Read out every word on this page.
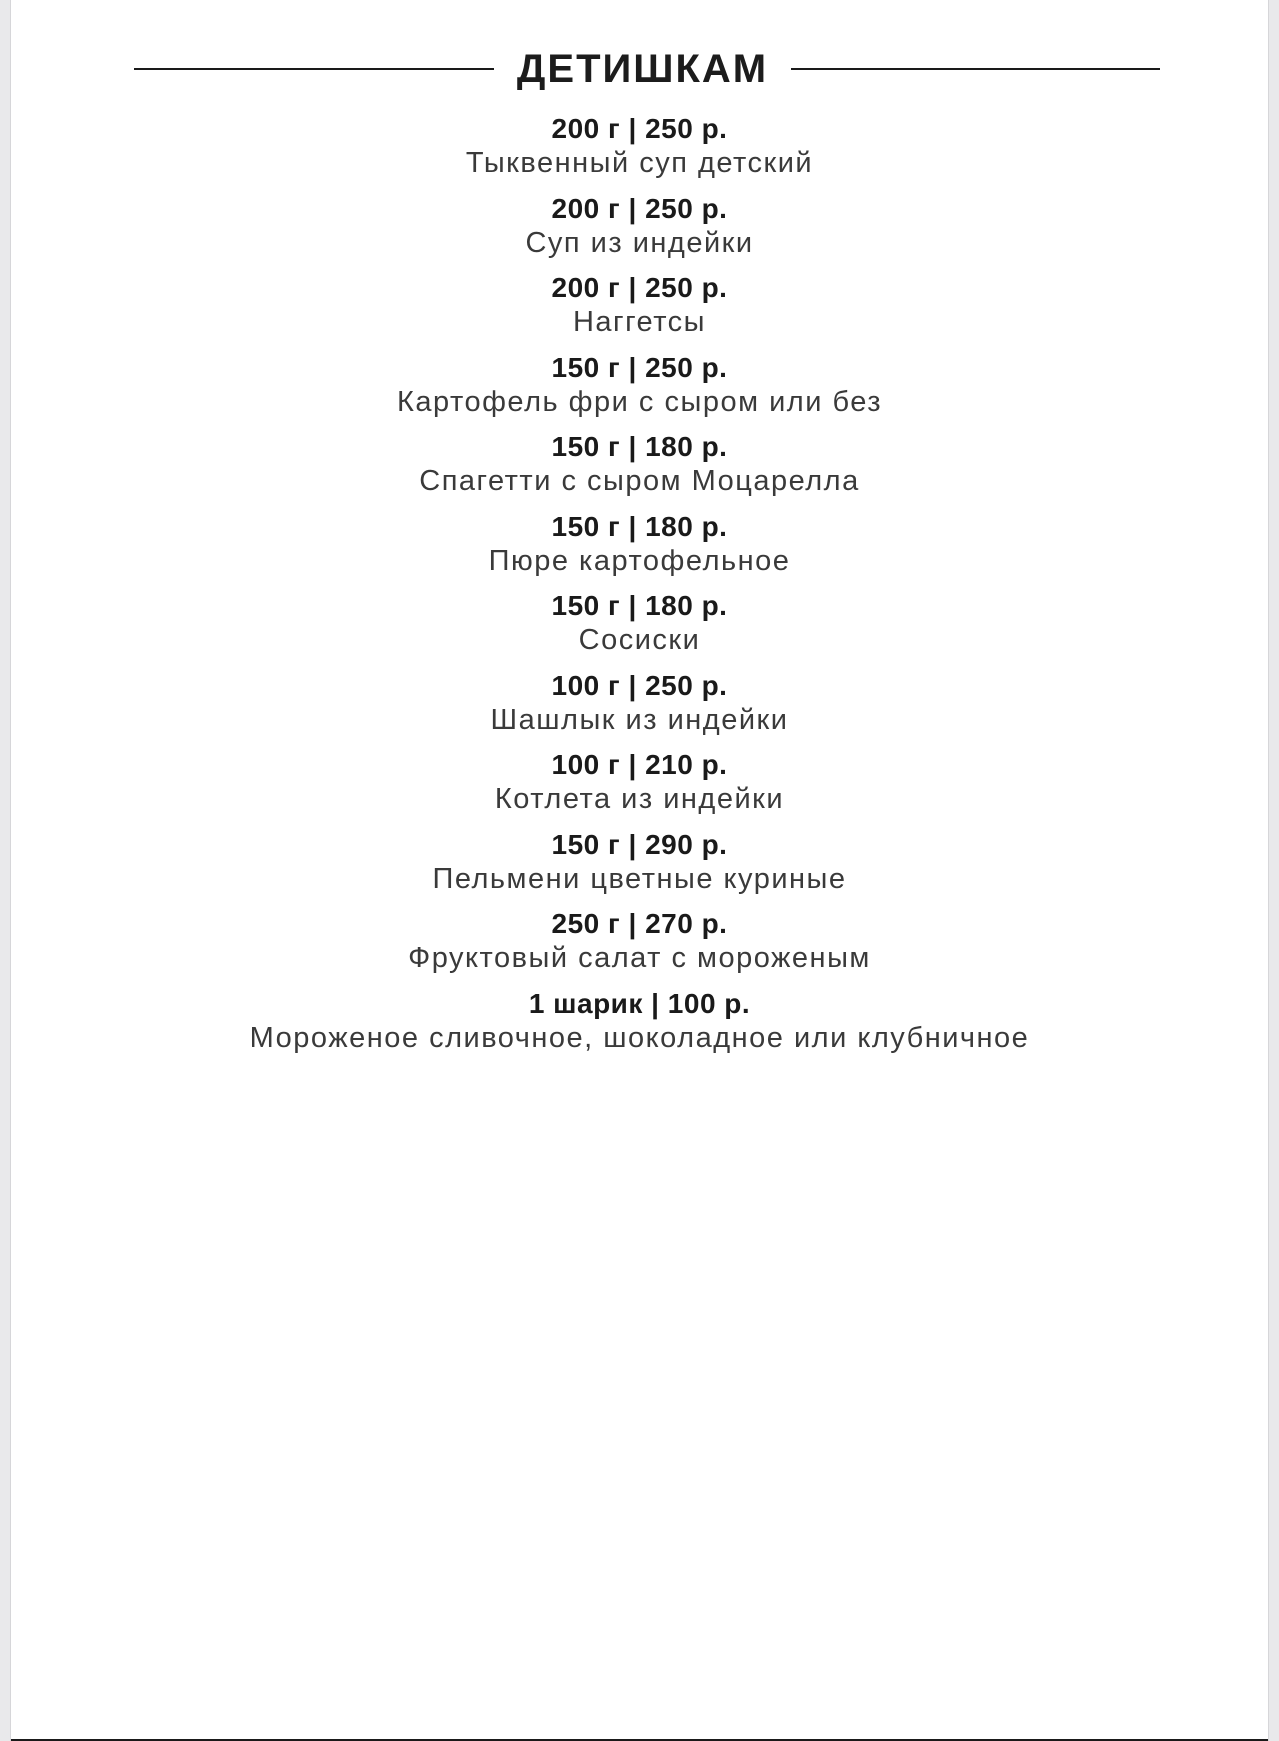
ДЕТИШКАМ
200 г | 250 р.
Тыквенный суп детский
200 г | 250 р.
Суп из индейки
200 г | 250 р.
Наггетсы
150 г | 250 р.
Картофель фри с сыром или без
150 г | 180 р.
Спагетти с сыром Моцарелла
150 г | 180 р.
Пюре картофельное
150 г | 180 р.
Сосиски
100 г | 250 р.
Шашлык из индейки
100 г | 210 р.
Котлета из индейки
150 г | 290 р.
Пельмени цветные куриные
250 г | 270 р.
Фруктовый салат с мороженым
1 шарик | 100 р.
Мороженое сливочное, шоколадное или клубничное
